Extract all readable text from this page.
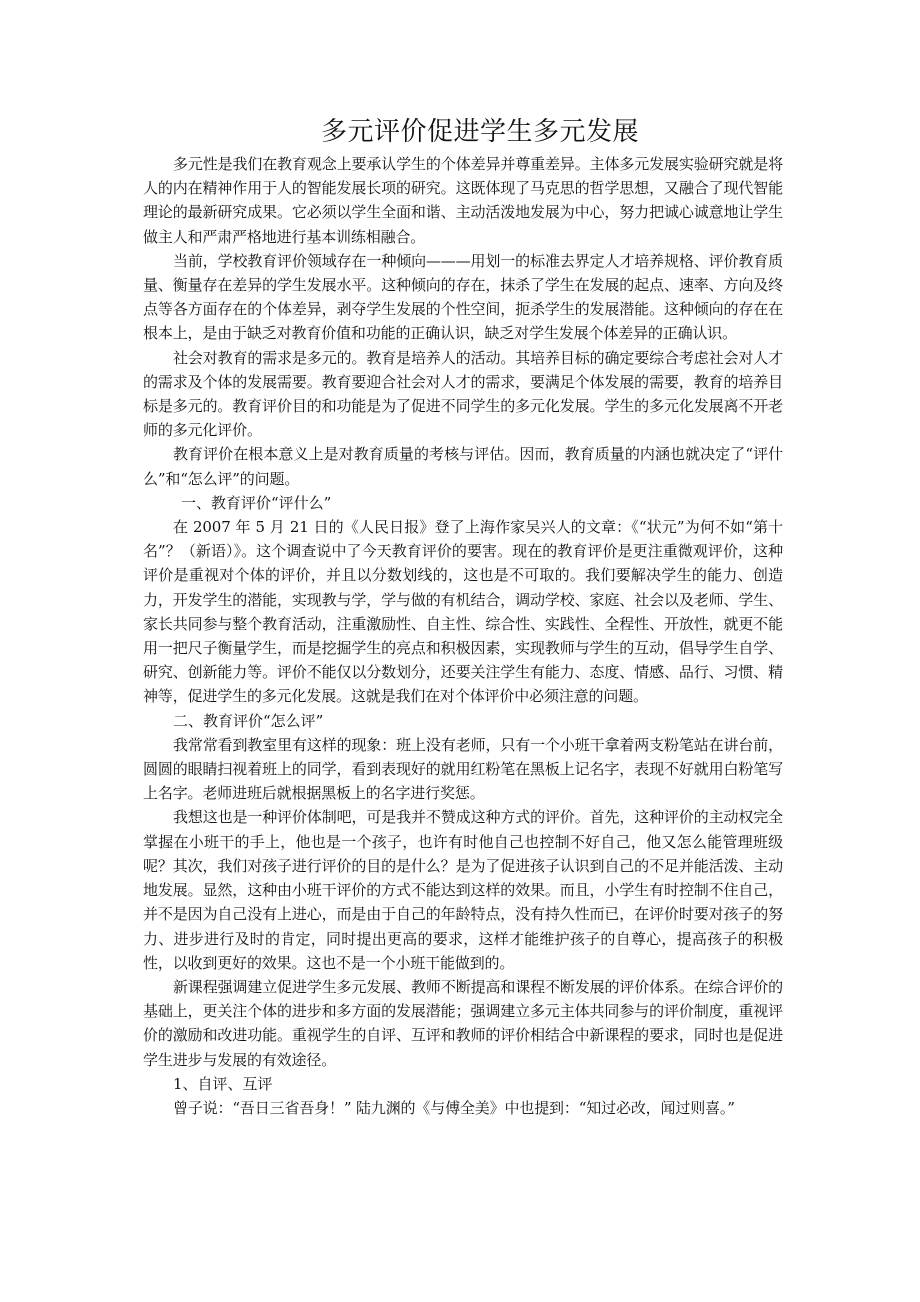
多元评价促进学生多元发展

多元性是我们在教育观念上要承认学生的个体差异并尊重差异。主体多元发展实验研究就是将人的内在精神作用于人的智能发展长项的研究。这既体现了马克思的哲学思想，又融合了现代智能理论的最新研究成果。它必须以学生全面和谐、主动活泼地发展为中心，努力把诚心诚意地让学生做主人和严肃严格地进行基本训练相融合。

当前，学校教育评价领域存在一种倾向———用划一的标准去界定人才培养规格、评价教育质量、衡量存在差异的学生发展水平。这种倾向的存在，抹杀了学生在发展的起点、速率、方向及终点等各方面存在的个体差异，剥夺学生发展的个性空间，扼杀学生的发展潜能。这种倾向的存在在根本上，是由于缺乏对教育价值和功能的正确认识，缺乏对学生发展个体差异的正确认识。

社会对教育的需求是多元的。教育是培养人的活动。其培养目标的确定要综合考虑社会对人才的需求及个体的发展需要。教育要迎合社会对人才的需求，要满足个体发展的需要，教育的培养目标是多元的。教育评价目的和功能是为了促进不同学生的多元化发展。学生的多元化发展离不开老师的多元化评价。

教育评价在根本意义上是对教育质量的考核与评估。因而，教育质量的内涵也就决定了“评什么”和“怎么评”的问题。

一、教育评价“评什么”

在 2007 年 5 月 21 日的《人民日报》登了上海作家吴兴人的文章：《“状元”为何不如“第十名”？（新语）》。这个调查说中了今天教育评价的要害。现在的教育评价是更注重微观评价，这种评价是重视对个体的评价，并且以分数划线的，这也是不可取的。我们要解决学生的能力、创造力，开发学生的潜能，实现教与学，学与做的有机结合，调动学校、家庭、社会以及老师、学生、家长共同参与整个教育活动，注重激励性、自主性、综合性、实践性、全程性、开放性，就更不能用一把尺子衡量学生，而是挖掘学生的亮点和积极因素，实现教师与学生的互动，倡导学生自学、研究、创新能力等。评价不能仅以分数划分，还要关注学生有能力、态度、情感、品行、习惯、精神等，促进学生的多元化发展。这就是我们在对个体评价中必须注意的问题。

二、教育评价“怎么评”

我常常看到教室里有这样的现象：班上没有老师，只有一个小班干拿着两支粉笔站在讲台前，圆圆的眼睛扫视着班上的同学，看到表现好的就用红粉笔在黑板上记名字，表现不好就用白粉笔写上名字。老师进班后就根据黑板上的名字进行奖惩。

我想这也是一种评价体制吧，可是我并不赞成这种方式的评价。首先，这种评价的主动权完全掌握在小班干的手上，他也是一个孩子，也许有时他自己也控制不好自己，他又怎么能管理班级呢？其次，我们对孩子进行评价的目的是什么？是为了促进孩子认识到自己的不足并能活泼、主动地发展。显然，这种由小班干评价的方式不能达到这样的效果。而且，小学生有时控制不住自己，并不是因为自己没有上进心，而是由于自己的年龄特点，没有持久性而已，在评价时要对孩子的努力、进步进行及时的肯定，同时提出更高的要求，这样才能维护孩子的自尊心，提高孩子的积极性，以收到更好的效果。这也不是一个小班干能做到的。

新课程强调建立促进学生多元发展、教师不断提高和课程不断发展的评价体系。在综合评价的基础上，更关注个体的进步和多方面的发展潜能；强调建立多元主体共同参与的评价制度，重视评价的激励和改进功能。重视学生的自评、互评和教师的评价相结合中新课程的要求，同时也是促进学生进步与发展的有效途径。

1、自评、互评

曾子说：“吾日三省吾身！” 陆九渊的《与傅全美》中也提到：“知过必改，闻过则喜。”
